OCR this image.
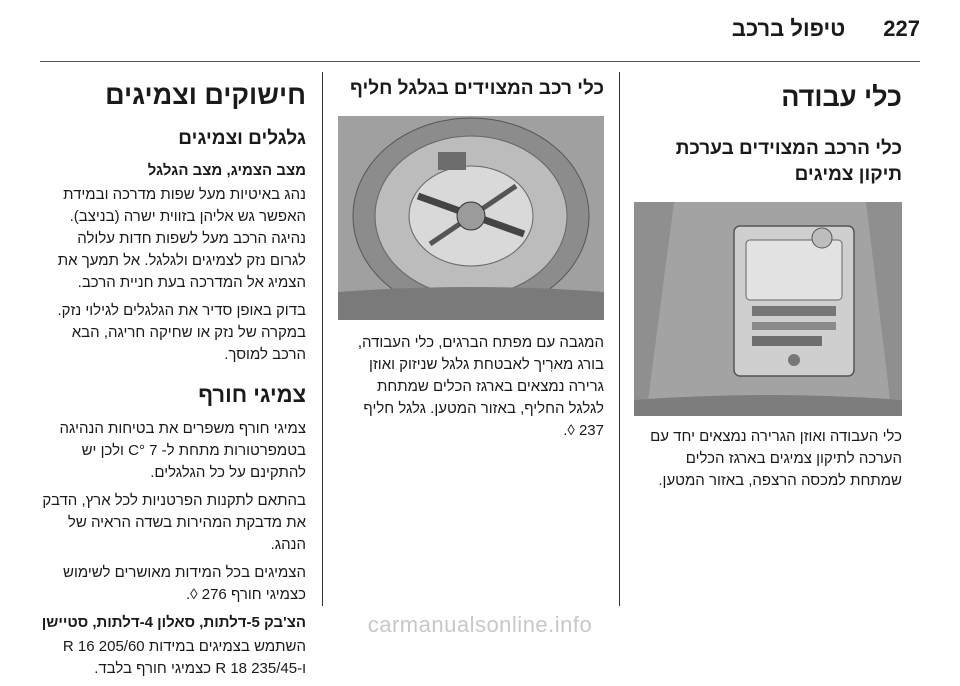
227
טיפול ברכב
כלי עבודה
כלי הרכב המצוידים בערכת תיקון צמיגים

כלי העבודה ואוזן הגרירה נמצאים יחד עם הערכה לתיקון צמיגים בארגז הכלים שמתחת למכסה הרצפה, באזור המטען.

כלי רכב המצוידים בגלגל חליף

המגבה עם מפתח הברגים, כלי העבודה, בורג מארִיך לאבטחת גלגל שניזוק ואוזן גרירה נמצאים בארגז הכלים שמתחת לגלגל החליף, באזור המטען. גלגל חליף 237 ◊.

חישוקים וצמיגים
גלגלים וצמיגים
מצב הצמיג, מצב הגלגל

נהג באיטיות מעל שפות מדרכה ובמידת האפשר גש אליהן בזווית ישרה (בניצב). נהיגה הרכב מעל לשפות חדות עלולה לגרום נזק לצמיגים ולגלגל. אל תמעך את הצמיג אל המדרכה בעת חניית הרכב.

בדוק באופן סדיר את הגלגלים לגילוי נזק. במקרה של נזק או שחיקה חריגה, הבא הרכב למוסך.

צמיגי חורף

צמיגי חורף משפרים את בטיחות הנהיגה בטמפרטורות מתחת ל- 7 °C ולכן יש להתקינם על כל הגלגלים.

בהתאם לתקנות הפרטניות לכל ארץ, הדבק את מדבקת המהירות בשדה הראיה של הנהג.

הצמיגים בכל המידות מאושרים לשימוש כצמיגי חורף 276 ◊.

הצ'בק 5-דלתות, סאלון 4-דלתות, סטיישן

השתמש בצמיגים במידות 205/60 R 16 ו-235/45 R 18 כצמיגי חורף בלבד.

carmanualsonline.info
